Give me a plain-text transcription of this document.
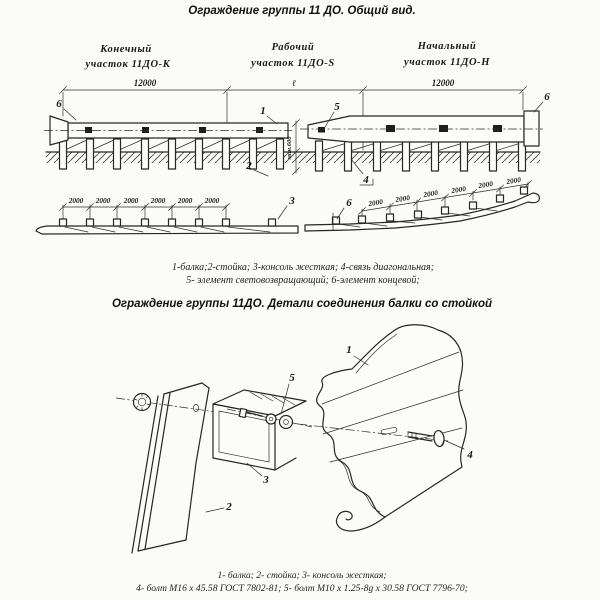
Ограждение группы 11 ДО. Общий вид.
Конечный
участок 11ДО-К
Рабочий
участок 11ДО-S
Начальный
участок 11ДО-Н
12000	ℓ	12000
мин.600
1	5
2
6
6
4
2000 2000 2000 2000 2000 2000	3	2000 2000 2000 2000 2000 2000
6
1-балка;2-стойка; 3-консоль жесткая; 4-связь диагональная;
5- элемент световозвращающий; 6-элемент концевой;
Ограждение группы 11ДО. Детали соединения балки со стойкой
5
4
1
3
2
1- балка; 2- стойка; 3- консоль жесткая;
4- болт М16 х 45.58 ГОСТ 7802-81; 5- болт М10 х 1.25-8g х 30.58 ГОСТ 7796-70;
